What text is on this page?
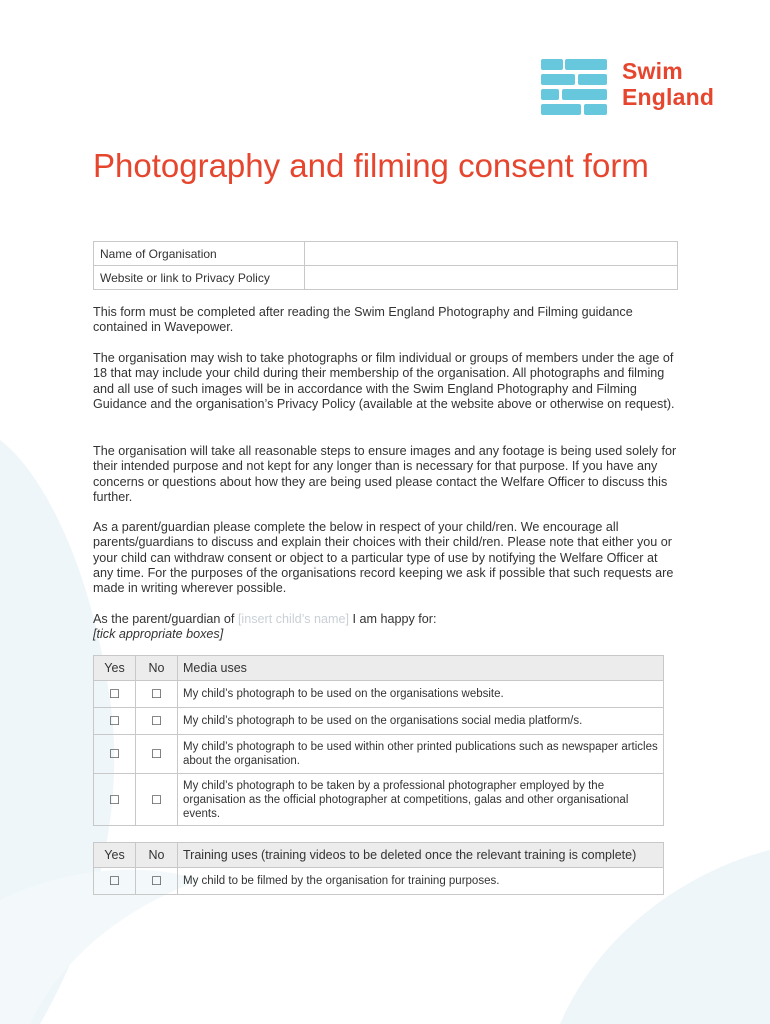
Swim
England
Photography and filming consent form
Name of Organisation	
Website or link to Privacy Policy	

This form must be completed after reading the Swim England Photography and Filming guidance contained in Wavepower.

The organisation may wish to take photographs or film individual or groups of members under the age of 18 that may include your child during their membership of the organisation. All photographs and filming and all use of such images will be in accordance with the Swim England Photography and Filming Guidance and the organisation’s Privacy Policy (available at the website above or otherwise on request).

The organisation will take all reasonable steps to ensure images and any footage is being used solely for their intended purpose and not kept for any longer than is necessary for that purpose. If you have any concerns or questions about how they are being used please contact the Welfare Officer to discuss this further.

As a parent/guardian please complete the below in respect of your child/ren. We encourage all parents/guardians to discuss and explain their choices with their child/ren. Please note that either you or your child can withdraw consent or object to a particular type of use by notifying the Welfare Officer at any time. For the purposes of the organisations record keeping we ask if possible that such requests are made in writing wherever possible.

As the parent/guardian of [insert child’s name] I am happy for:
[tick appropriate boxes]

Yes	No	Media uses
☐	☐	My child’s photograph to be used on the organisations website.

☐	☐	My child’s photograph to be used on the organisations social media platform/s.

☐	☐	My child’s photograph to be used within other printed publications such as newspaper articles about the organisation.

☐	☐	My child’s photograph to be taken by a professional photographer employed by the organisation as the official photographer at competitions, galas and other organisational events.
Yes	No	Training uses (training videos to be deleted once the relevant training is complete)
☐	☐	My child to be filmed by the organisation for training purposes.
